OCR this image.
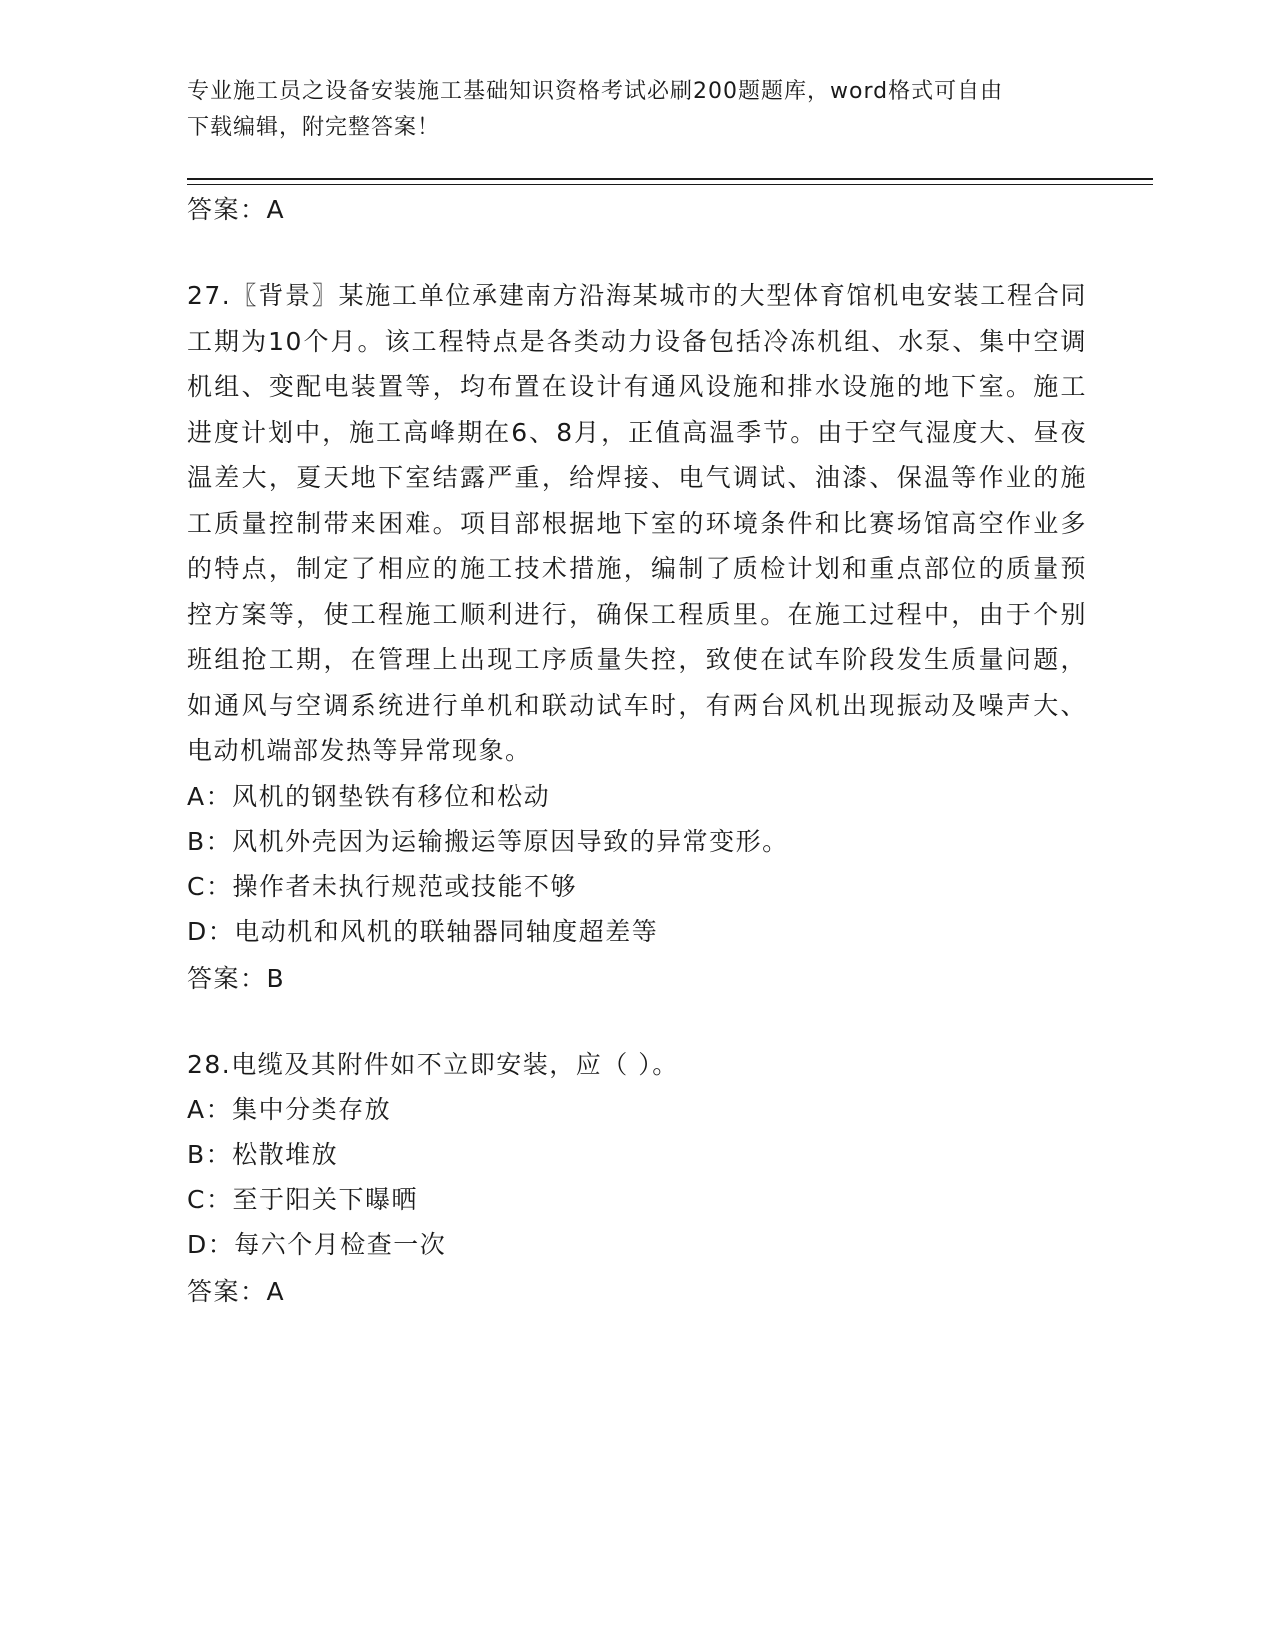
专业施工员之设备安装施工基础知识资格考试必刷200题题库，word格式可自由
下载编辑，附完整答案！
答案：A
27.〖背景〗某施工单位承建南方沿海某城市的大型体育馆机电安装工程合同工期为10个月。该工程特点是各类动力设备包括冷冻机组、水泵、集中空调机组、变配电装置等，均布置在设计有通风设施和排水设施的地下室。施工进度计划中，施工高峰期在6、8月，正值高温季节。由于空气湿度大、昼夜温差大，夏天地下室结露严重，给焊接、电气调试、油漆、保温等作业的施工质量控制带来困难。项目部根据地下室的环境条件和比赛场馆高空作业多的特点，制定了相应的施工技术措施，编制了质检计划和重点部位的质量预控方案等，使工程施工顺利进行，确保工程质里。在施工过程中，由于个别班组抢工期，在管理上出现工序质量失控，致使在试车阶段发生质量问题，如通风与空调系统进行单机和联动试车时，有两台风机出现振动及噪声大、电动机端部发热等异常现象。
A：风机的钢垫铁有移位和松动
B：风机外壳因为运输搬运等原因导致的异常变形。
C：操作者未执行规范或技能不够
D：电动机和风机的联轴器同轴度超差等
答案：B
28.电缆及其附件如不立即安装，应（ ）。
A：集中分类存放
B：松散堆放
C：至于阳关下曝晒
D：每六个月检查一次
答案：A
